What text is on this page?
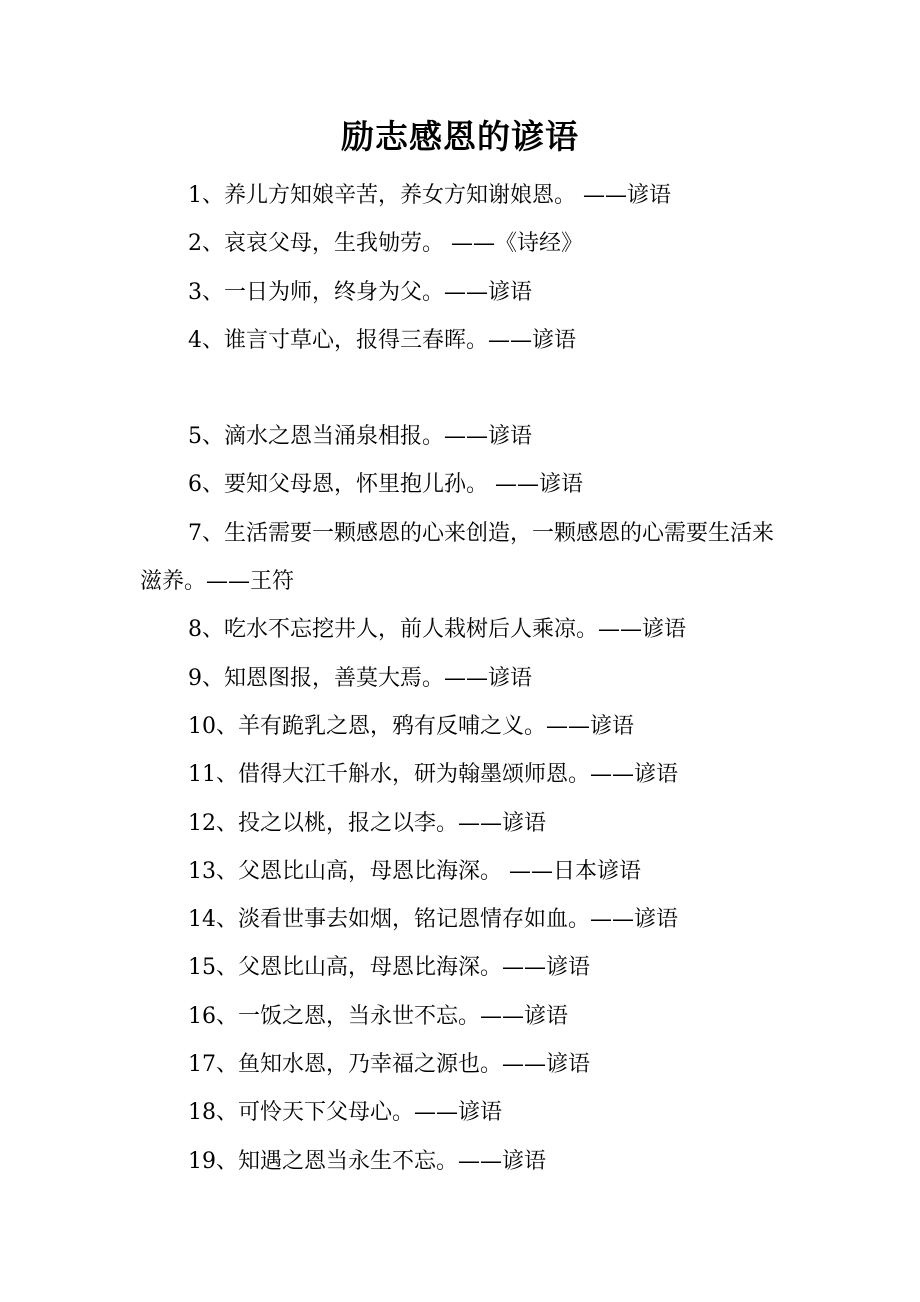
励志感恩的谚语

1、养儿方知娘辛苦，养女方知谢娘恩。 ——谚语

2、哀哀父母，生我劬劳。 ——《诗经》

3、一日为师，终身为父。——谚语

4、谁言寸草心，报得三春晖。——谚语

5、滴水之恩当涌泉相报。——谚语

6、要知父母恩，怀里抱儿孙。 ——谚语

7、生活需要一颗感恩的心来创造，一颗感恩的心需要生活来滋养。——王符

8、吃水不忘挖井人，前人栽树后人乘凉。——谚语

9、知恩图报，善莫大焉。——谚语

10、羊有跪乳之恩，鸦有反哺之义。——谚语

11、借得大江千斛水，研为翰墨颂师恩。——谚语

12、投之以桃，报之以李。——谚语

13、父恩比山高，母恩比海深。 ——日本谚语

14、淡看世事去如烟，铭记恩情存如血。——谚语

15、父恩比山高，母恩比海深。——谚语

16、一饭之恩，当永世不忘。——谚语

17、鱼知水恩，乃幸福之源也。——谚语

18、可怜天下父母心。——谚语

19、知遇之恩当永生不忘。——谚语
